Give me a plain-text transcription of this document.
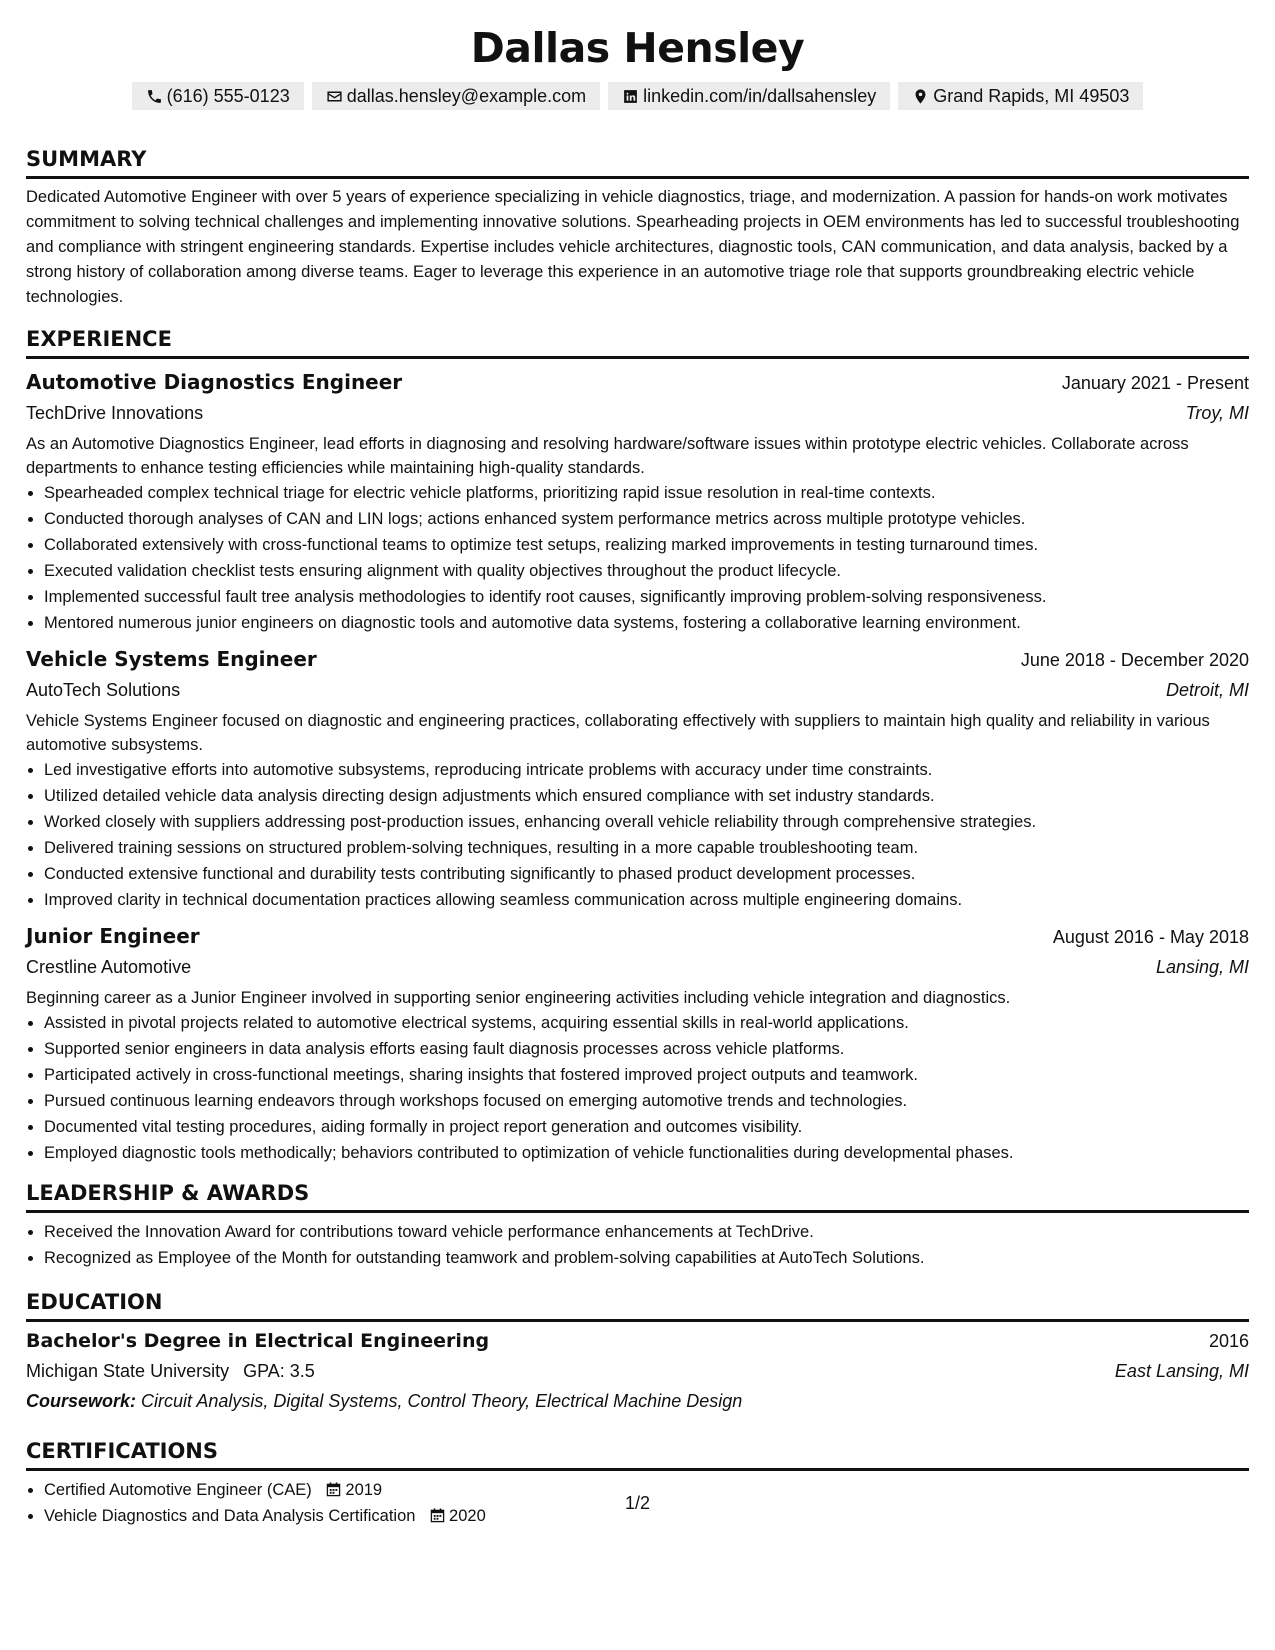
Dallas Hensley
(616) 555-0123	dallas.hensley@example.com	linkedin.com/in/dallsahensley	Grand Rapids, MI 49503
SUMMARY

Dedicated Automotive Engineer with over 5 years of experience specializing in vehicle diagnostics, triage, and modernization. A passion for hands-on work motivates commitment to solving technical challenges and implementing innovative solutions. Spearheading projects in OEM environments has led to successful troubleshooting and compliance with stringent engineering standards. Expertise includes vehicle architectures, diagnostic tools, CAN communication, and data analysis, backed by a strong history of collaboration among diverse teams. Eager to leverage this experience in an automotive triage role that supports groundbreaking electric vehicle technologies.

EXPERIENCE
Automotive Diagnostics Engineer	January 2021 - Present
TechDrive Innovations	Troy, MI
As an Automotive Diagnostics Engineer, lead efforts in diagnosing and resolving hardware/software issues within prototype electric vehicles. Collaborate across departments to enhance testing efficiencies while maintaining high-quality standards.
• Spearheaded complex technical triage for electric vehicle platforms, prioritizing rapid issue resolution in real-time contexts.
• Conducted thorough analyses of CAN and LIN logs; actions enhanced system performance metrics across multiple prototype vehicles.
• Collaborated extensively with cross-functional teams to optimize test setups, realizing marked improvements in testing turnaround times.
• Executed validation checklist tests ensuring alignment with quality objectives throughout the product lifecycle.
• Implemented successful fault tree analysis methodologies to identify root causes, significantly improving problem-solving responsiveness.
• Mentored numerous junior engineers on diagnostic tools and automotive data systems, fostering a collaborative learning environment.
Vehicle Systems Engineer	June 2018 - December 2020
AutoTech Solutions	Detroit, MI
Vehicle Systems Engineer focused on diagnostic and engineering practices, collaborating effectively with suppliers to maintain high quality and reliability in various automotive subsystems.
• Led investigative efforts into automotive subsystems, reproducing intricate problems with accuracy under time constraints.
• Utilized detailed vehicle data analysis directing design adjustments which ensured compliance with set industry standards.
• Worked closely with suppliers addressing post-production issues, enhancing overall vehicle reliability through comprehensive strategies.
• Delivered training sessions on structured problem-solving techniques, resulting in a more capable troubleshooting team.
• Conducted extensive functional and durability tests contributing significantly to phased product development processes.
• Improved clarity in technical documentation practices allowing seamless communication across multiple engineering domains.
Junior Engineer	August 2016 - May 2018
Crestline Automotive	Lansing, MI
Beginning career as a Junior Engineer involved in supporting senior engineering activities including vehicle integration and diagnostics.
• Assisted in pivotal projects related to automotive electrical systems, acquiring essential skills in real-world applications.
• Supported senior engineers in data analysis efforts easing fault diagnosis processes across vehicle platforms.
• Participated actively in cross-functional meetings, sharing insights that fostered improved project outputs and teamwork.
• Pursued continuous learning endeavors through workshops focused on emerging automotive trends and technologies.
• Documented vital testing procedures, aiding formally in project report generation and outcomes visibility.
• Employed diagnostic tools methodically; behaviors contributed to optimization of vehicle functionalities during developmental phases.
LEADERSHIP & AWARDS
• Received the Innovation Award for contributions toward vehicle performance enhancements at TechDrive.
• Recognized as Employee of the Month for outstanding teamwork and problem-solving capabilities at AutoTech Solutions.
EDUCATION
Bachelor's Degree in Electrical Engineering	2016
Michigan State University GPA: 3.5	East Lansing, MI
Coursework: Circuit Analysis, Digital Systems, Control Theory, Electrical Machine Design
CERTIFICATIONS
• Certified Automotive Engineer (CAE) 2019
• Vehicle Diagnostics and Data Analysis Certification 2020
1/2
